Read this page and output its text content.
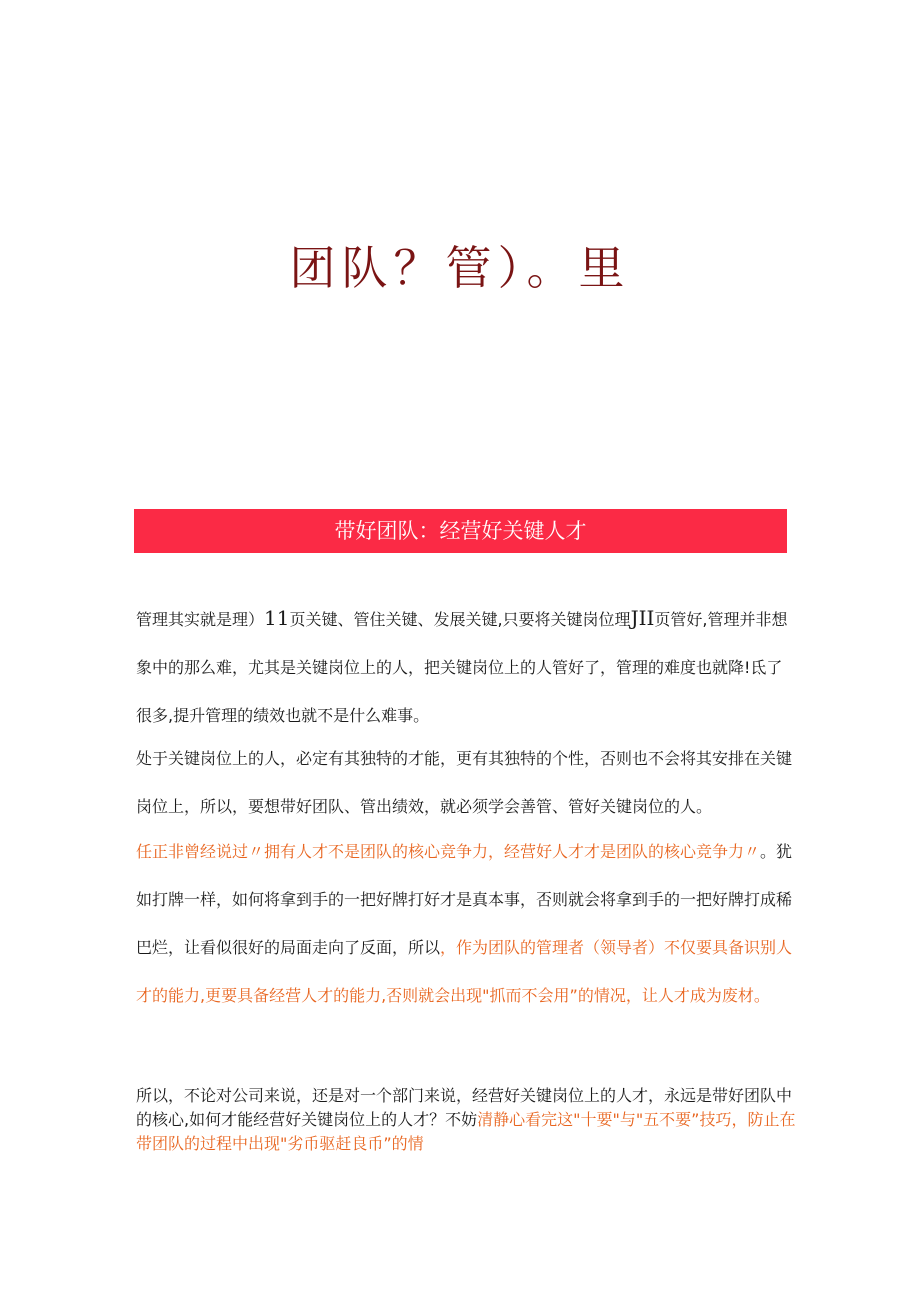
团队？管）。里
带好团队：经营好关键人才
管理其实就是理）11页关键、管住关键、发展关键,只要将关键岗位理JII页管好,管理并非想象中的那么难，尤其是关键岗位上的人，把关键岗位上的人管好了，管理的难度也就降!氐了很多,提升管理的绩效也就不是什么难事。
处于关键岗位上的人，必定有其独特的才能，更有其独特的个性，否则也不会将其安排在关键岗位上，所以，要想带好团队、管出绩效，就必须学会善管、管好关键岗位的人。
任正非曾经说过〃拥有人才不是团队的核心竞争力，经营好人才才是团队的核心竞争力〃。犹如打牌一样，如何将拿到手的一把好牌打好才是真本事，否则就会将拿到手的一把好牌打成稀巴烂，让看似很好的局面走向了反面，所以，作为团队的管理者（领导者）不仅要具备识别人才的能力,更要具备经营人才的能力,否则就会出现"抓而不会用”的情况，让人才成为废材。
所以，不论对公司来说，还是对一个部门来说，经营好关键岗位上的人才，永远是带好团队中的核心,如何才能经营好关键岗位上的人才？不妨清静心看完这"十要"与"五不要”技巧，防止在带团队的过程中出现"劣币驱赶良币”的情
